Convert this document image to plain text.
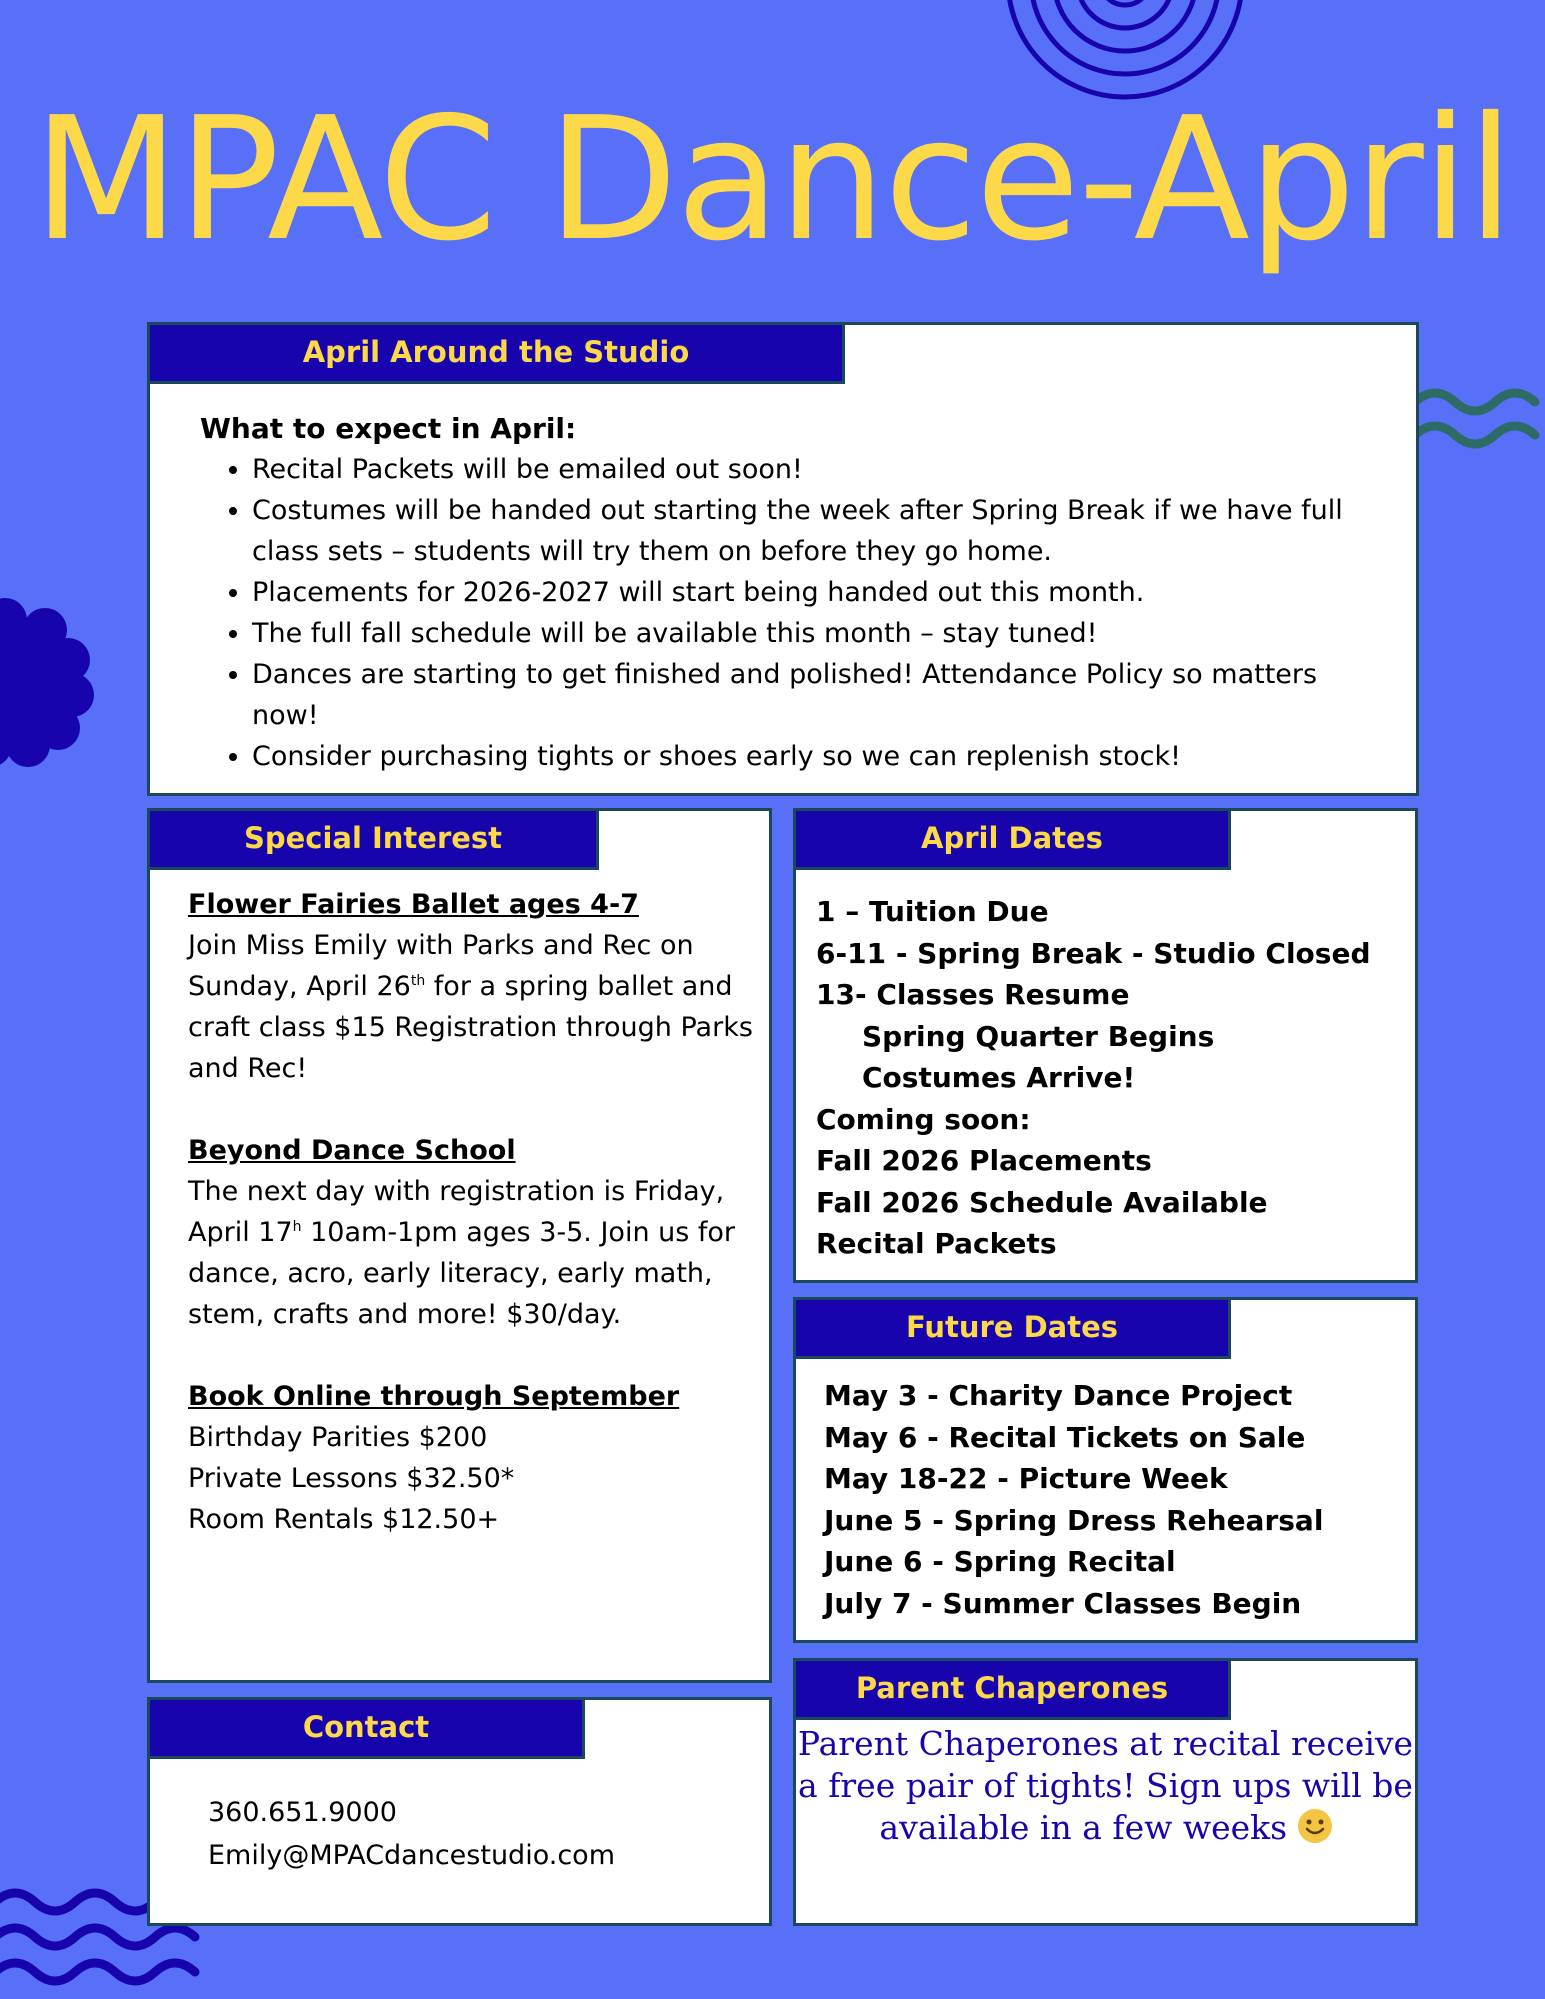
MPAC Dance-April
April Around the Studio
What to expect in April:
• Recital Packets will be emailed out soon!
• Costumes will be handed out starting the week after Spring Break if we have full class sets – students will try them on before they go home.
• Placements for 2026-2027 will start being handed out this month.
• The full fall schedule will be available this month – stay tuned!
• Dances are starting to get finished and polished! Attendance Policy so matters now!
• Consider purchasing tights or shoes early so we can replenish stock!
Special Interest

Flower Fairies Ballet ages 4-7

Join Miss Emily with Parks and Rec on Sunday, April 26th for a spring ballet and craft class $15 Registration through Parks and Rec!

Beyond Dance School

The next day with registration is Friday, April 17$^h$ 10am-1pm ages 3-5. Join us for dance, acro, early literacy, early math, stem, crafts and more! $30/day.

Book Online through September

Birthday Parities $200

Private Lessons $32.50*

Room Rentals $12.50+

April Dates
1 – Tuition Due
6-11 - Spring Break - Studio Closed
13- Classes Resume
Spring Quarter Begins
Costumes Arrive!
Coming soon:
Fall 2026 Placements
Fall 2026 Schedule Available
Recital Packets
Future Dates
May 3 - Charity Dance Project
May 6 - Recital Tickets on Sale
May 18-22 - Picture Week
June 5 - Spring Dress Rehearsal
June 6 - Spring Recital
July 7 - Summer Classes Begin
Contact
360.651.9000
Emily@MPACdancestudio.com
Parent Chaperones
Parent Chaperones at recital receive a free pair of tights! Sign ups will be available in a few weeks
